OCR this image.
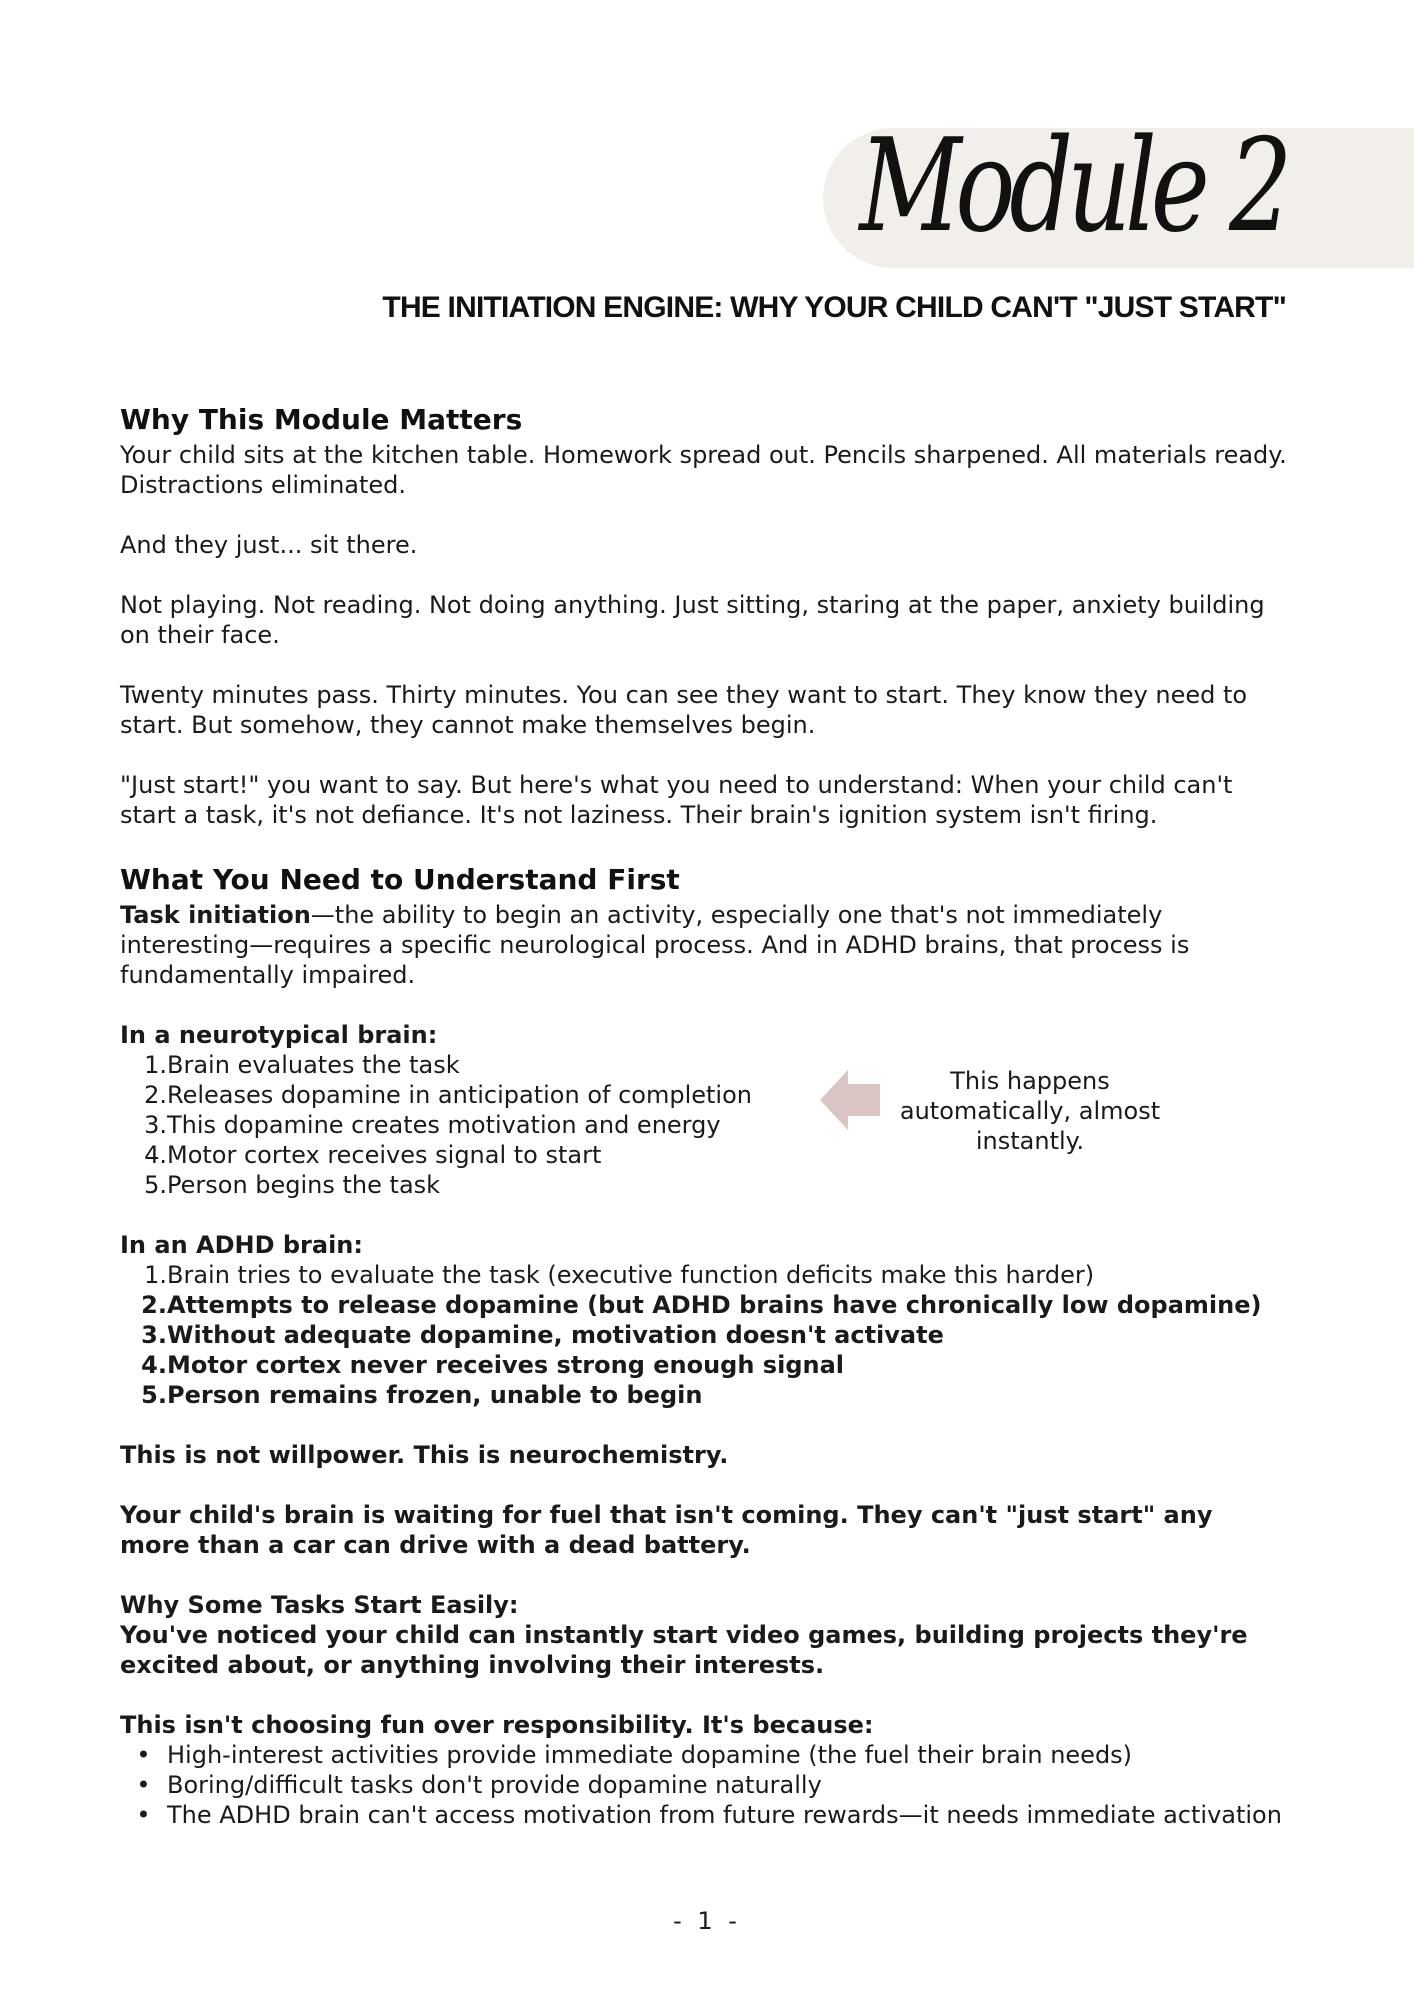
Module 2
THE INITIATION ENGINE: WHY YOUR CHILD CAN'T "JUST START"
Why This Module Matters

Your child sits at the kitchen table. Homework spread out. Pencils sharpened. All materials ready. Distractions eliminated.

And they just... sit there.

Not playing. Not reading. Not doing anything. Just sitting, staring at the paper, anxiety building on their face.

Twenty minutes pass. Thirty minutes. You can see they want to start. They know they need to start. But somehow, they cannot make themselves begin.

"Just start!" you want to say. But here's what you need to understand: When your child can't start a task, it's not defiance. It's not laziness. Their brain's ignition system isn't firing.

What You Need to Understand First

Task initiation—the ability to begin an activity, especially one that's not immediately interesting—requires a specific neurological process. And in ADHD brains, that process is fundamentally impaired.

In a neurotypical brain:

1. Brain evaluates the task
2. Releases dopamine in anticipation of completion
3. This dopamine creates motivation and energy
4. Motor cortex receives signal to start
5. Person begins the task
This happens automatically, almost instantly.

In an ADHD brain:

1. Brain tries to evaluate the task (executive function deficits make this harder)
2. Attempts to release dopamine (but ADHD brains have chronically low dopamine)
3. Without adequate dopamine, motivation doesn't activate
4. Motor cortex never receives strong enough signal
5. Person remains frozen, unable to begin

This is not willpower. This is neurochemistry.

Your child's brain is waiting for fuel that isn't coming. They can't "just start" any more than a car can drive with a dead battery.

Why Some Tasks Start Easily:

You've noticed your child can instantly start video games, building projects they're excited about, or anything involving their interests.

This isn't choosing fun over responsibility. It's because:

• High-interest activities provide immediate dopamine (the fuel their brain needs)
• Boring/difficult tasks don't provide dopamine naturally
• The ADHD brain can't access motivation from future rewards—it needs immediate activation
- 1 -
